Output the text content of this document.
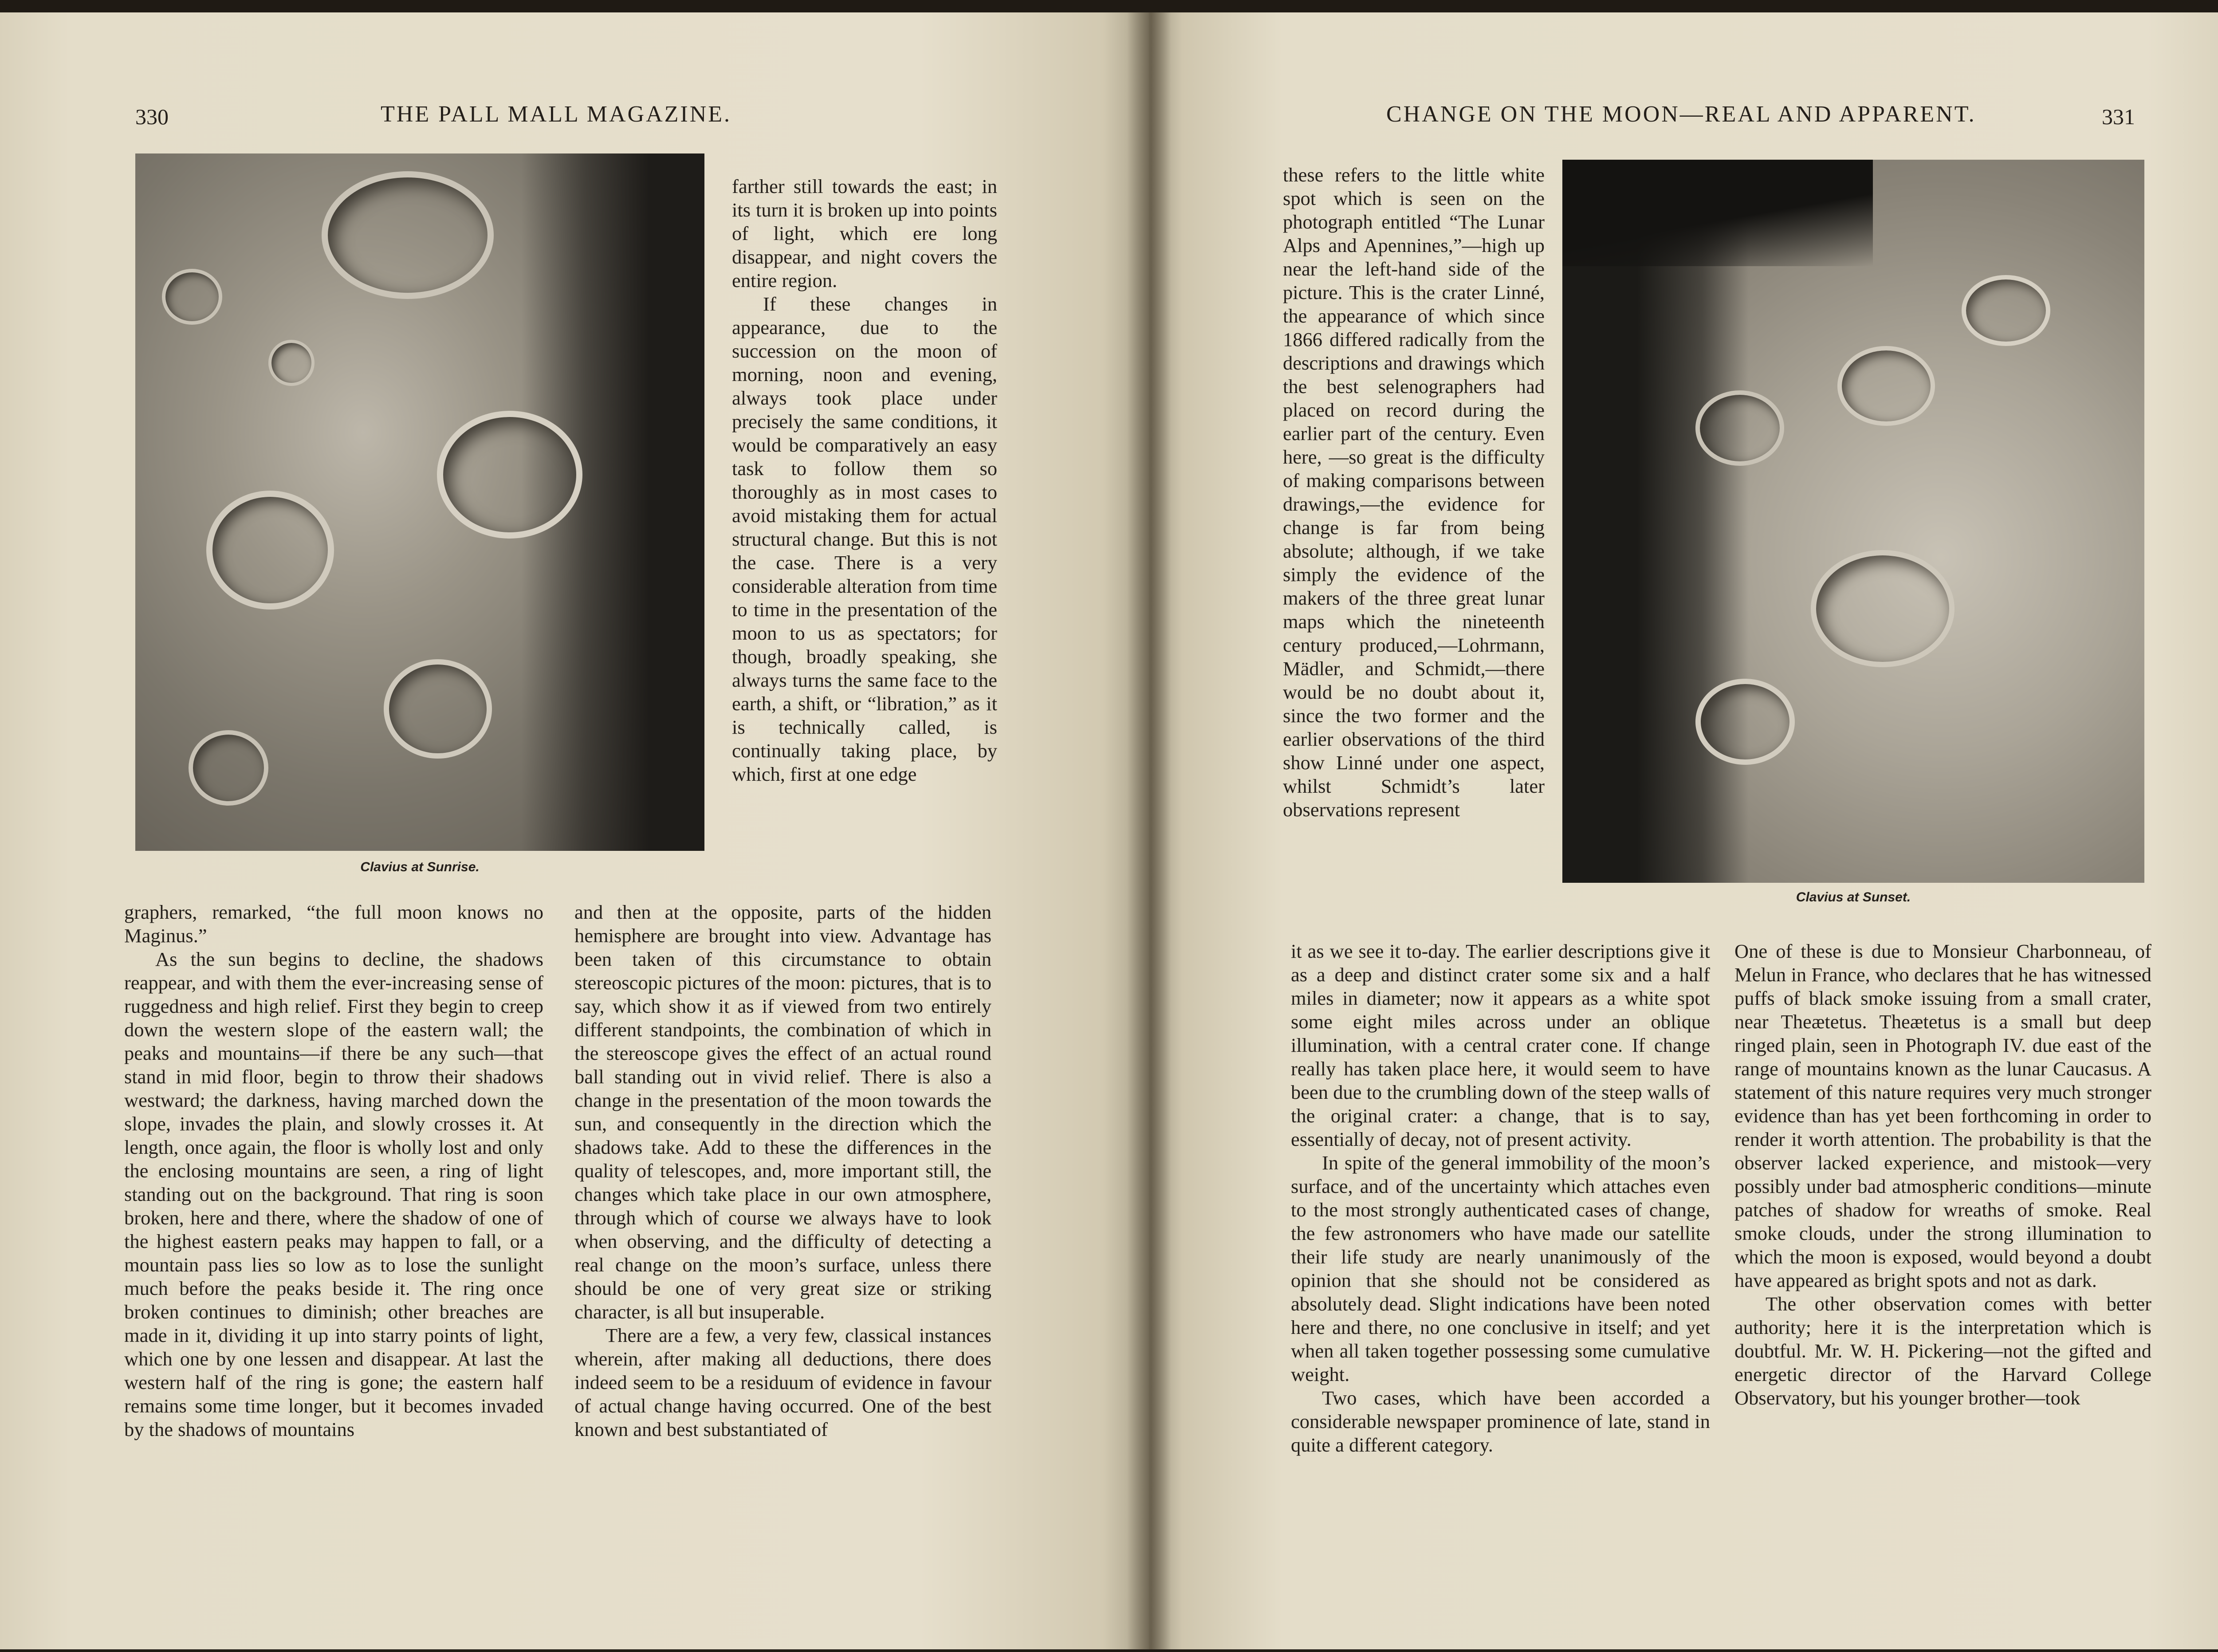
330	THE PALL MALL MAGAZINE.
Clavius at Sunrise.

graphers, remarked, “the full moon knows no Maginus.”

As the sun begins to decline, the shadows reappear, and with them the ever-increasing sense of ruggedness and high relief. First they begin to creep down the western slope of the eastern wall; the peaks and mountains—if there be any such—that stand in mid floor, begin to throw their shadows westward; the darkness, having marched down the slope, invades the plain, and slowly crosses it. At length, once again, the floor is wholly lost and only the enclosing mountains are seen, a ring of light standing out on the background. That ring is soon broken, here and there, where the shadow of one of the highest eastern peaks may happen to fall, or a mountain pass lies so low as to lose the sunlight much before the peaks beside it. The ring once broken continues to diminish; other breaches are made in it, dividing it up into starry points of light, which one by one lessen and disappear. At last the western half of the ring is gone; the eastern half remains some time longer, but it becomes invaded by the shadows of mountains

farther still towards the east; in its turn it is broken up into points of light, which ere long disappear, and night covers the entire region.

If these changes in appearance, due to the succession on the moon of morning, noon and evening, always took place under precisely the same conditions, it would be comparatively an easy task to follow them so thoroughly as in most cases to avoid mistaking them for actual structural change. But this is not the case. There is a very considerable alteration from time to time in the presentation of the moon to us as spectators; for though, broadly speaking, she always turns the same face to the earth, a shift, or “libration,” as it is technically called, is continually taking place, by which, first at one edge

and then at the opposite, parts of the hidden hemisphere are brought into view. Advantage has been taken of this circumstance to obtain stereoscopic pictures of the moon: pictures, that is to say, which show it as if viewed from two entirely different standpoints, the combination of which in the stereoscope gives the effect of an actual round ball standing out in vivid relief. There is also a change in the presentation of the moon towards the sun, and consequently in the direction which the shadows take. Add to these the differences in the quality of telescopes, and, more important still, the changes which take place in our own atmosphere, through which of course we always have to look when observing, and the difficulty of detecting a real change on the moon’s surface, unless there should be one of very great size or striking character, is all but insuperable.

There are a few, a very few, classical instances wherein, after making all deductions, there does indeed seem to be a residuum of evidence in favour of actual change having occurred. One of the best known and best substantiated of

CHANGE ON THE MOON—REAL AND APPARENT.	331

these refers to the little white spot which is seen on the photograph entitled “The Lunar Alps and Apennines,”—high up near the left-hand side of the picture. This is the crater Linné, the appearance of which since 1866 differed radically from the descriptions and drawings which the best selenographers had placed on record during the earlier part of the century. Even here, —so great is the difficulty of making comparisons between drawings,—the evidence for change is far from being absolute; although, if we take simply the evidence of the makers of the three great lunar maps which the nineteenth century produced,—Lohrmann, Mädler, and Schmidt,—there would be no doubt about it, since the two former and the earlier observations of the third show Linné under one aspect, whilst Schmidt’s later observations represent

Clavius at Sunset.

it as we see it to-day. The earlier descriptions give it as a deep and distinct crater some six and a half miles in diameter; now it appears as a white spot some eight miles across under an oblique illumination, with a central crater cone. If change really has taken place here, it would seem to have been due to the crumbling down of the steep walls of the original crater: a change, that is to say, essentially of decay, not of present activity.

In spite of the general immobility of the moon’s surface, and of the uncertainty which attaches even to the most strongly authenticated cases of change, the few astronomers who have made our satellite their life study are nearly unanimously of the opinion that she should not be considered as absolutely dead. Slight indications have been noted here and there, no one conclusive in itself; and yet when all taken together possessing some cumulative weight.

Two cases, which have been accorded a considerable newspaper prominence of late, stand in quite a different category.

One of these is due to Monsieur Charbonneau, of Melun in France, who declares that he has witnessed puffs of black smoke issuing from a small crater, near Theætetus. Theætetus is a small but deep ringed plain, seen in Photograph IV. due east of the range of mountains known as the lunar Caucasus. A statement of this nature requires very much stronger evidence than has yet been forthcoming in order to render it worth attention. The probability is that the observer lacked experience, and mistook—very possibly under bad atmospheric conditions—minute patches of shadow for wreaths of smoke. Real smoke clouds, under the strong illumination to which the moon is exposed, would beyond a doubt have appeared as bright spots and not as dark.

The other observation comes with better authority; here it is the interpretation which is doubtful. Mr. W. H. Pickering—not the gifted and energetic director of the Harvard College Observatory, but his younger brother—took
